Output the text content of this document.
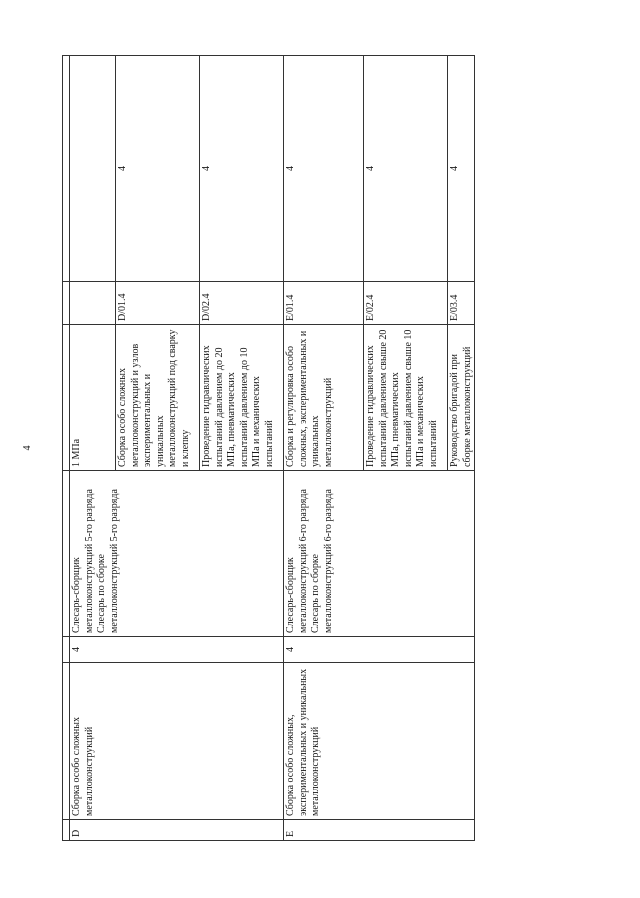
4

D	Сборка особо сложных металлоконструкций	4	Слесарь-сборщик металлоконструкций 5-го разряда Слесарь по сборке металлоконструкций 5-го разряда	1 МПа		
				Сборка особо сложных металлоконструкций и узлов экспериментальных и уникальных металлоконструкций под сварку и клепку	D/01.4	4
				Проведение гидравлических испытаний давлением до 20 МПа, пневматических испытаний давлением до 10 МПа и механических испытаний	D/02.4	4
E	Сборка особо сложных, экспериментальных и уникальных металлоконструкций	4	Слесарь-сборщик металлоконструкций 6-го разряда Слесарь по сборке металлоконструкций 6-го разряда	Сборка и регулировка особо сложных, экспериментальных и уникальных металлоконструкций	E/01.4	4
				Проведение гидравлических испытаний давлением свыше 20 МПа, пневматических испытаний давлением свыше 10 МПа и механических испытаний	E/02.4	4
				Руководство бригадой при сборке металлоконструкций	E/03.4	4
